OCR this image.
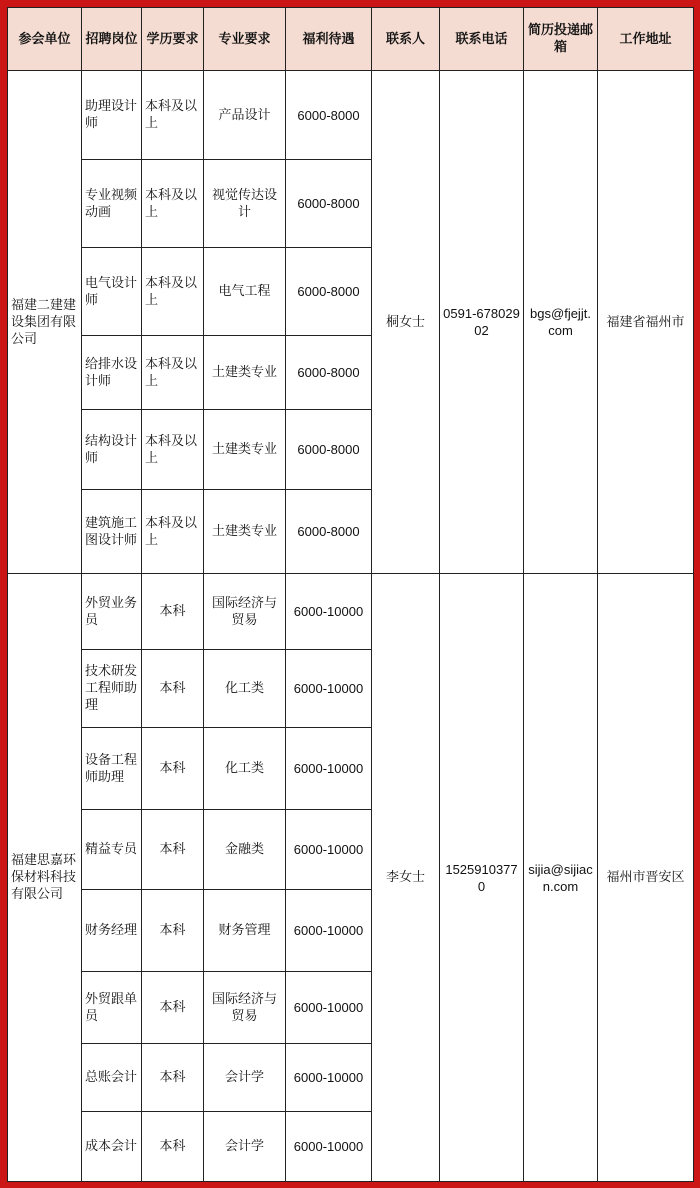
参会单位	招聘岗位	学历要求	专业要求	福利待遇	联系人	联系电话	简历投递邮箱	工作地址
福建二建建设集团有限公司	助理设计师	本科及以上	产品设计	6000-8000	桐女士	0591-67802902	bgs@fjejjt.com	福建省福州市
	专业视频动画	本科及以上	视觉传达设计	6000-8000				
	电气设计师	本科及以上	电气工程	6000-8000				
	给排水设计师	本科及以上	土建类专业	6000-8000				
	结构设计师	本科及以上	土建类专业	6000-8000				
	建筑施工图设计师	本科及以上	土建类专业	6000-8000				
福建思嘉环保材料科技有限公司	外贸业务员	本科	国际经济与贸易	6000-10000	李女士	15259103770	sijia@sijiacn.com	福州市晋安区
	技术研发工程师助理	本科	化工类	6000-10000				
	设备工程师助理	本科	化工类	6000-10000				
	精益专员	本科	金融类	6000-10000				
	财务经理	本科	财务管理	6000-10000				
	外贸跟单员	本科	国际经济与贸易	6000-10000				
	总账会计	本科	会计学	6000-10000				
	成本会计	本科	会计学	6000-10000				
